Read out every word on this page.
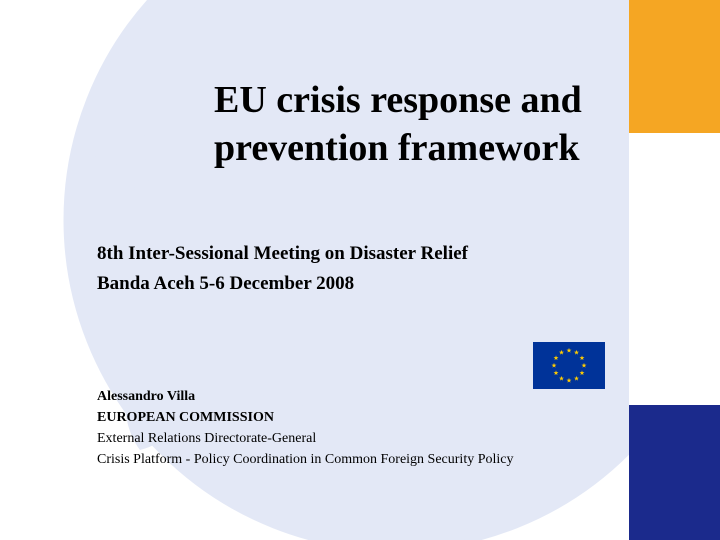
EU crisis response and
prevention framework
8th Inter-Sessional Meeting on Disaster Relief
Banda Aceh 5-6 December 2008
Alessandro Villa
EUROPEAN COMMISSION
External Relations Directorate-General
Crisis Platform - Policy Coordination in Common Foreign Security Policy
